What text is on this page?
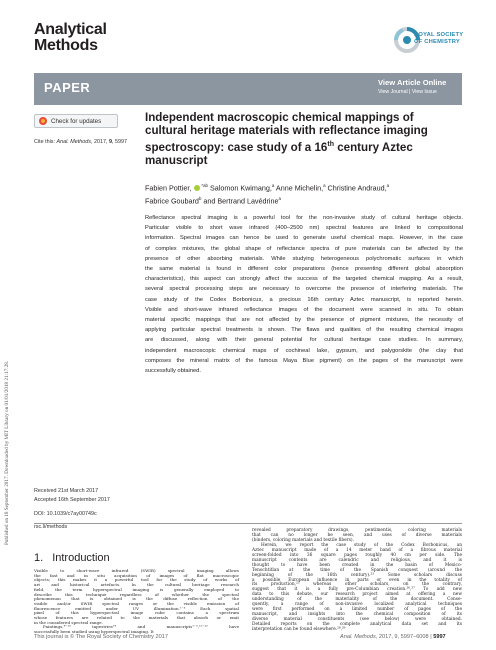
Published on 18 September 2017. Downloaded by MIT Library on 01/01/2018 21:17:28.
Analytical
Methods
ROYAL SOCIETY
OF CHEMISTRY
PAPER	View Article Online
View Journal | View Issue
Check for updates
Cite this: Anal. Methods, 2017, 9, 5997
Independent macroscopic chemical mappings of
cultural heritage materials with reflectance imaging
spectroscopy: case study of a 16th century Aztec
manuscript
Fabien Pottier, $^{*ab}$ Salomon Kwimang,$^a$ Anne Michelin,$^a$ Christine Andraud,$^a$
Fabrice Goubard$^b$ and Bertrand Lavédrine$^a$

Reflectance spectral imaging is a powerful tool for the non-invasive study of cultural heritage objects.

Particular visible to short wave infrared (400–2500 nm) spectral features are linked to compositional

information. Spectral images can hence be used to generate useful chemical maps. However, in the case

of complex mixtures, the global shape of reflectance spectra of pure materials can be affected by the

presence of other absorbing materials. While studying heterogeneous polychromatic surfaces in which

the same material is found in different color preparations (hence presenting different global absorption

characteristics), this aspect can strongly affect the success of the targeted chemical mapping. As a result,

several spectral processing steps are necessary to overcome the presence of interfering materials. The

case study of the Codex Borbonicus, a precious 16th century Aztec manuscript, is reported herein.

Visible and short-wave infrared reflectance images of the document were scanned in situ. To obtain

material specific mappings that are not affected by the presence of pigment mixtures, the necessity of

applying particular spectral treatments is shown. The flaws and qualities of the resulting chemical images

are discussed, along with their general potential for cultural heritage case studies. In summary,

independent macroscopic chemical maps of cochineal lake, gypsum, and palygorskite (the clay that

composes the mineral matrix of the famous Maya Blue pigment) on the pages of the manuscript were

successfully obtained.

Received 21st March 2017
Accepted 16th September 2017
DOI: 10.1039/c7ay00749c
rsc.li/methods
1. Introduction

Visible to short-wave infrared (SWIR) spectral imaging allows

the fast and in situ acquisition of images of flat macroscopic

objects; this makes it a powerful tool for the study of works of

art and historical artefacts. In the cultural heritage research

field, the term hyperspectral imaging is generally employed to

describe this technique regardless of whether the spectral

phenomenon that is obtained is the diffuse reflection of the

visible and/or SWIR spectral ranges or the visible emission of

fluorescence emitted under UV illumination.¹⁻³ Each spatial

pixel of this hyperspectral image cube contains a spectrum

whose features are related to the materials that absorb or emit

in the considered spectral range.

Paintings,⁴⁻¹³ tapestries¹⁴ and manuscripts¹⁻³,¹⁵⁻²² have

successfully been studied using hyperspectral imaging. It

revealed preparatory drawings, pentimentis, coloring materials

that can no longer be seen, and uses of diverse materials

(binders, coloring materials and textile fibers).

Herein, we report the case study of the Codex Borbonicus, an

Aztec manuscript made of a 14 meter band of a fibrous material

screen-folded into 36 square pages roughly 40 cm per side. The

manuscript contents are calendric and religious, and it is

thought to have been created in the basin of Mexico-

Tenochtitlan at the time of the Spanish conquest (around the

beginning of the 16th century).²³ Some scholars discuss

a possible European influence in parts or even in the totality of

its production,²⁵ whereas other scholars, on the contrary,

suggest that it is a fully pre-Columbian creation.²⁶,²⁷ To add new

data to this debate, our research project aimed at offering a new

understanding of the materiality of the document. Conse-

quently, a range of non-invasive localized analytical techniques

were first performed on a limited number of pages of the

manuscript, and insights into the chemical composition of its

diverse material constituents (see below) were obtained.

Detailed reports on the complete analytical data set and its

interpretation can be found elsewhere.²⁸,²⁹

This journal is © The Royal Society of Chemistry 2017	Anal. Methods, 2017, 9, 5997–6008 | 5997
